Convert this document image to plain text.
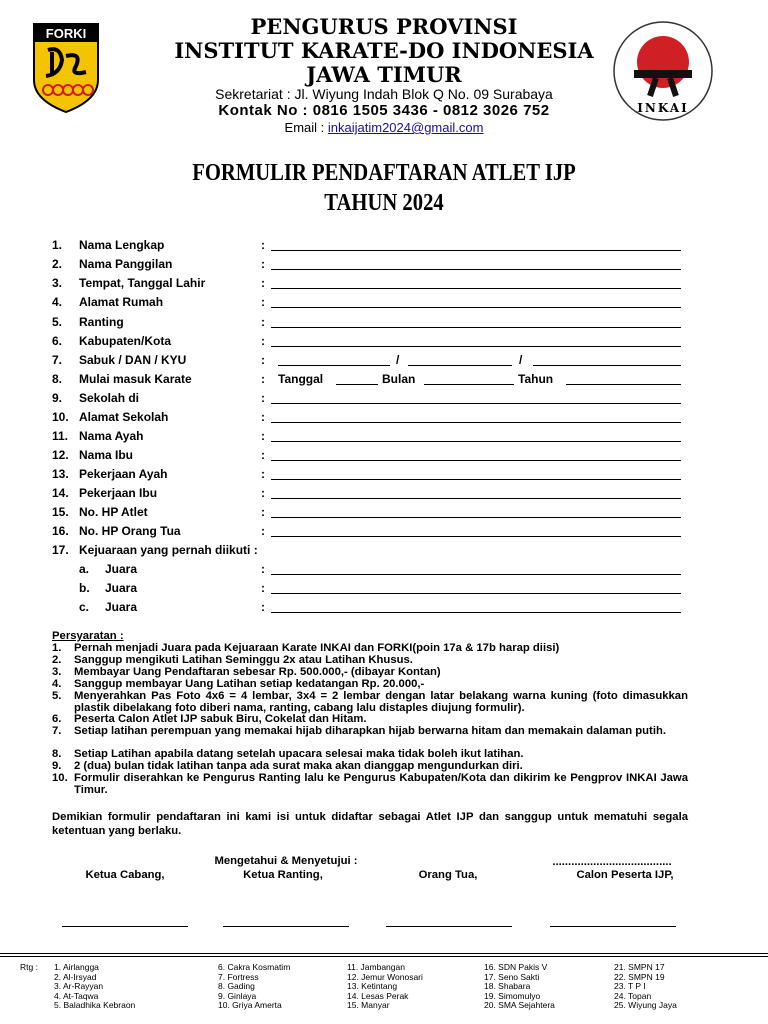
FORKI
INKAI
PENGURUS PROVINSI
INSTITUT KARATE-DO INDONESIA
JAWA TIMUR
Sekretariat : Jl. Wiyung Indah Blok Q No. 09 Surabaya
Kontak No : 0816 1505 3436 - 0812 3026 752
Email : inkaijatim2024@gmail.com
FORMULIR PENDAFTARAN ATLET IJP
TAHUN 2024
1. Nama Lengkap	:
2. Nama Panggilan	:
3. Tempat, Tanggal Lahir	:
4. Alamat Rumah	:
5. Ranting	:
6. Kabupaten/Kota	:
7. Sabuk / DAN / KYU	:	/	/
8. Mulai masuk Karate	: Tanggal	Bulan	Tahun
9. Sekolah di	:
10. Alamat Sekolah	:
11. Nama Ayah	:
12. Nama Ibu	:
13. Pekerjaan Ayah	:
14. Pekerjaan Ibu	:
15. No. HP Atlet	:
16. No. HP Orang Tua	:
17. Kejuaraan yang pernah diikuti :
a. Juara	:
b. Juara	:
c. Juara	:
Persyaratan :
1. Pernah menjadi Juara pada Kejuaraan Karate INKAI dan FORKI(poin 17a & 17b harap diisi)
2. Sanggup mengikuti Latihan Seminggu 2x atau Latihan Khusus.
3. Membayar Uang Pendaftaran sebesar Rp. 500.000,- (dibayar Kontan)
4. Sanggup membayar Uang Latihan setiap kedatangan Rp. 20.000,-
5. Menyerahkan Pas Foto 4x6 = 4 lembar, 3x4 = 2 lembar dengan latar belakang warna kuning (foto dimasukkan plastik dibelakang foto diberi nama, ranting, cabang lalu distaples diujung formulir).
6. Peserta Calon Atlet IJP sabuk Biru, Cokelat dan Hitam.
7. Setiap latihan perempuan yang memakai hijab diharapkan hijab berwarna hitam dan memakain dalaman putih.
8. Setiap Latihan apabila datang setelah upacara selesai maka tidak boleh ikut latihan.
9. 2 (dua) bulan tidak latihan tanpa ada surat maka akan dianggap mengundurkan diri.
10. Formulir diserahkan ke Pengurus Ranting lalu ke Pengurus Kabupaten/Kota dan dikirim ke Pengprov INKAI Jawa Timur.
Demikian formulir pendaftaran ini kami isi untuk didaftar sebagai Atlet IJP dan sanggup untuk mematuhi segala ketentuan yang berlaku.
Mengetahui & Menyetujui :	......................................
Ketua Cabang,	Ketua Ranting,	Orang Tua,	Calon Peserta IJP,
Rtg : 1. Airlangga
2. Al-Irsyad
3. Ar-Rayyan
4. At-Taqwa
5. Baladhika Kebraon
6. Cakra Kosmatim
7. Fortress
8. Gading
9. Ginlaya
10. Griya Amerta
11. Jambangan
12. Jemur Wonosari
13. Ketintang
14. Lesas Perak
15. Manyar
16. SDN Pakis V
17. Seno Sakti
18. Shabara
19. Simomulyo
20. SMA Sejahtera
21. SMPN 17
22. SMPN 19
23. T P I
24. Topan
25. Wiyung Jaya
